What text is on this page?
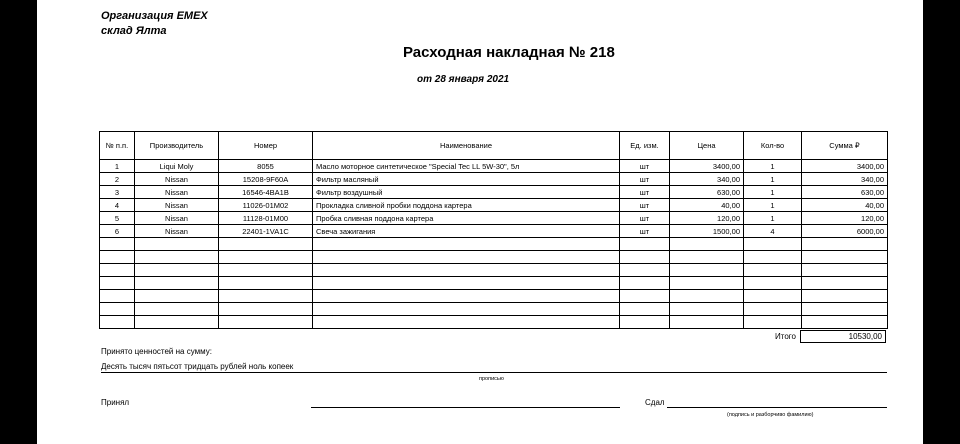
Организация EMEX
склад Ялта
Расходная накладная № 218
от 28 января 2021
№ п.п.	Производитель	Номер	Наименование	Ед. изм.	Цена	Кол-во	Сумма ₽
1	Liqui Moly	8055	Масло моторное синтетическое "Special Tec LL 5W-30", 5л	шт	3400,00	1	3400,00
2	Nissan	15208-9F60A	Фильтр масляный	шт	340,00	1	340,00
3	Nissan	16546-4BA1B	Фильтр воздушный	шт	630,00	1	630,00
4	Nissan	11026-01M02	Прокладка сливной пробки поддона картера	шт	40,00	1	40,00
5	Nissan	11128-01M00	Пробка сливная поддона картера	шт	120,00	1	120,00
6	Nissan	22401-1VA1C	Свеча зажигания	шт	1500,00	4	6000,00

Итого	10530,00
Принято ценностей на сумму:
Десять тысяч пятьсот тридцать рублей ноль копеек
прописью
Принял	Сдал
(подпись и разборчиво фамилию)
